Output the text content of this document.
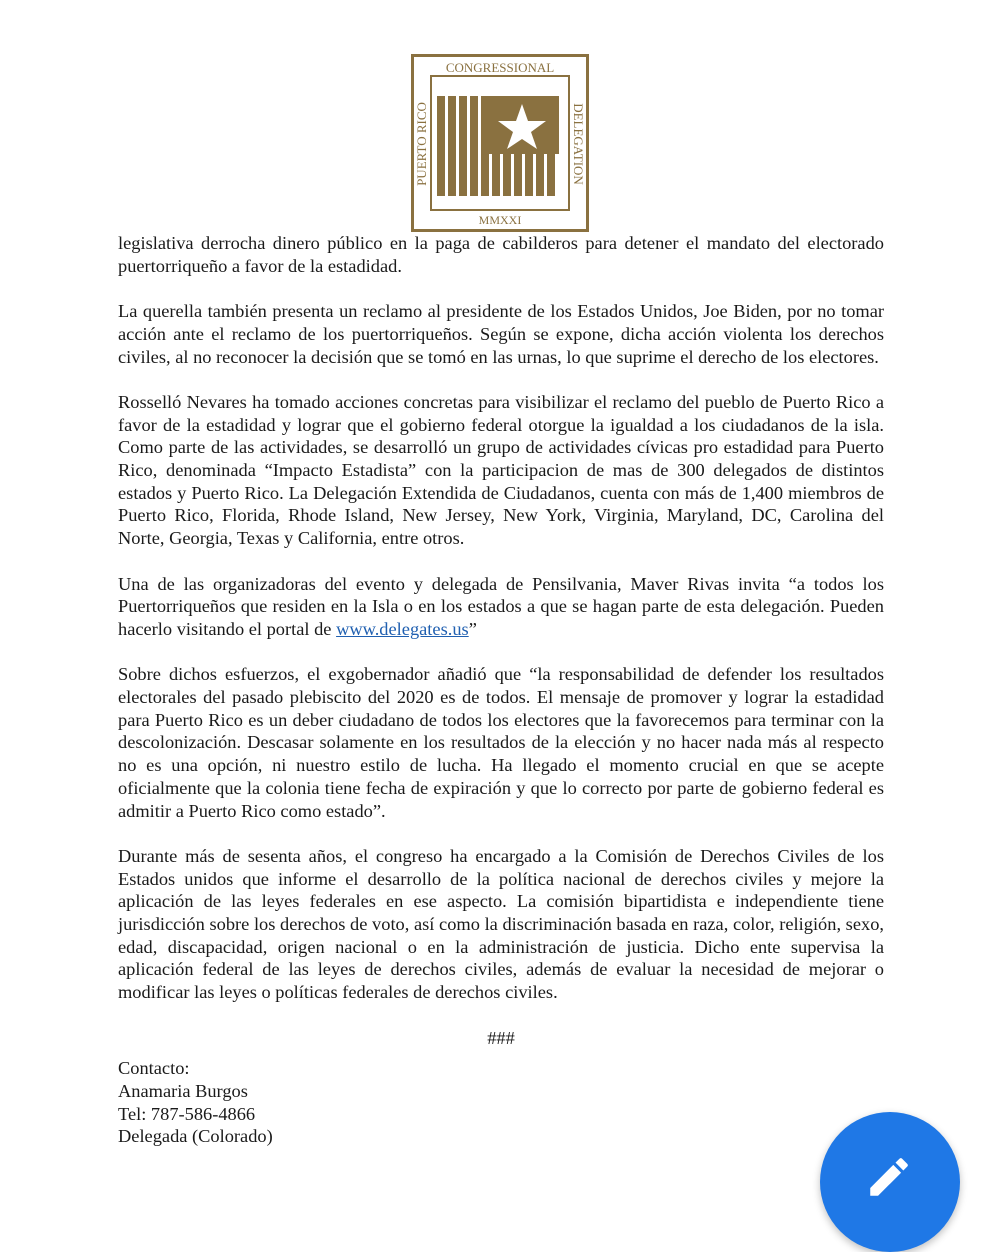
CONGRESSIONAL
MMXXI
PUERTO RICO	DELEGATION

legislativa derrocha dinero público en la paga de cabilderos para detener el mandato del electorado puertorriqueño a favor de la estadidad.

La querella también presenta un reclamo al presidente de los Estados Unidos, Joe Biden, por no tomar acción ante el reclamo de los puertorriqueños. Según se expone, dicha acción violenta los derechos civiles, al no reconocer la decisión que se tomó en las urnas, lo que suprime el derecho de los electores.

Rosselló Nevares ha tomado acciones concretas para visibilizar el reclamo del pueblo de Puerto Rico a favor de la estadidad y lograr que el gobierno federal otorgue la igualdad a los ciudadanos de la isla. Como parte de las actividades, se desarrolló un grupo de actividades cívicas pro estadidad para Puerto Rico, denominada “Impacto Estadista” con la participacion de mas de 300 delegados de distintos estados y Puerto Rico. La Delegación Extendida de Ciudadanos, cuenta con más de 1,400 miembros de Puerto Rico, Florida, Rhode Island, New Jersey, New York, Virginia, Maryland, DC, Carolina del Norte, Georgia, Texas y California, entre otros.

Una de las organizadoras del evento y delegada de Pensilvania, Maver Rivas invita “a todos los Puertorriqueños que residen en la Isla o en los estados a que se hagan parte de esta delegación. Pueden hacerlo visitando el portal de www.delegates.us”

Sobre dichos esfuerzos, el exgobernador añadió que “la responsabilidad de defender los resultados electorales del pasado plebiscito del 2020 es de todos. El mensaje de promover y lograr la estadidad para Puerto Rico es un deber ciudadano de todos los electores que la favorecemos para terminar con la descolonización. Descasar solamente en los resultados de la elección y no hacer nada más al respecto no es una opción, ni nuestro estilo de lucha. Ha llegado el momento crucial en que se acepte oficialmente que la colonia tiene fecha de expiración y que lo correcto por parte de gobierno federal es admitir a Puerto Rico como estado”.

Durante más de sesenta años, el congreso ha encargado a la Comisión de Derechos Civiles de los Estados unidos que informe el desarrollo de la política nacional de derechos civiles y mejore la aplicación de las leyes federales en ese aspecto. La comisión bipartidista e independiente tiene jurisdicción sobre los derechos de voto, así como la discriminación basada en raza, color, religión, sexo, edad, discapacidad, origen nacional o en la administración de justicia. Dicho ente supervisa la aplicación federal de las leyes de derechos civiles, además de evaluar la necesidad de mejorar o modificar las leyes o políticas federales de derechos civiles.

###
Contacto:
Anamaria Burgos
Tel: 787-586-4866
Delegada (Colorado)
